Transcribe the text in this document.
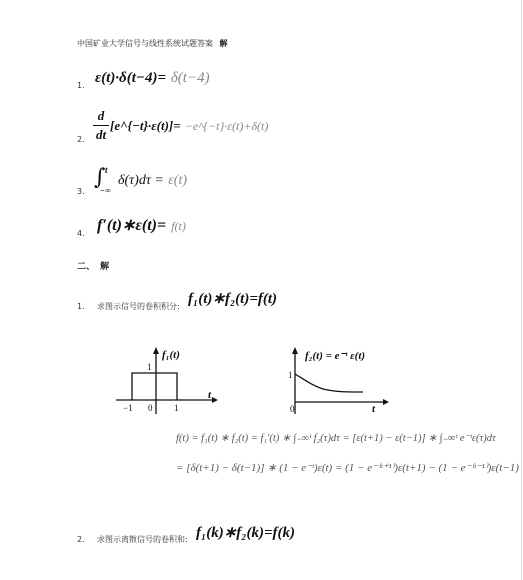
中国矿业大学信号与线性系统试题答案 解
1. ε(t)·δ(t−4)= δ(t−4)
2.
d
dt
[e^{−t}·ε(t)]= −e^{−t}·ε(t)+δ(t)
3.
∫ t
−∞
δ(τ)dτ = ε(t)
4. f′(t)∗ε(t)= f(t)
二、 解
1. 求图示信号的卷积积分: f₁(t)∗f₂(t)=f(t)
f₁(t)
1
−1 0 1
t
f₂(t) = e⁻ᵗ ε(t)
1
0	t
f(t) = f₁(t) ∗ f₂(t) = f₁′(t) ∗ ∫₋∞ᵗ f₂(τ)dτ = [ε(t+1) − ε(t−1)] ∗ ∫₋∞ᵗ e⁻ᵗε(τ)dτ
= [δ(t+1) − δ(t−1)] ∗ (1 − e⁻ᵗ)ε(t) = (1 − e⁻⁽ᵗ⁺¹⁾)ε(t+1) − (1 − e⁻⁽ᵗ⁻¹⁾)ε(t−1)
2. 求图示离散信号的卷积和: f₁(k)∗f₂(k)=f(k)
